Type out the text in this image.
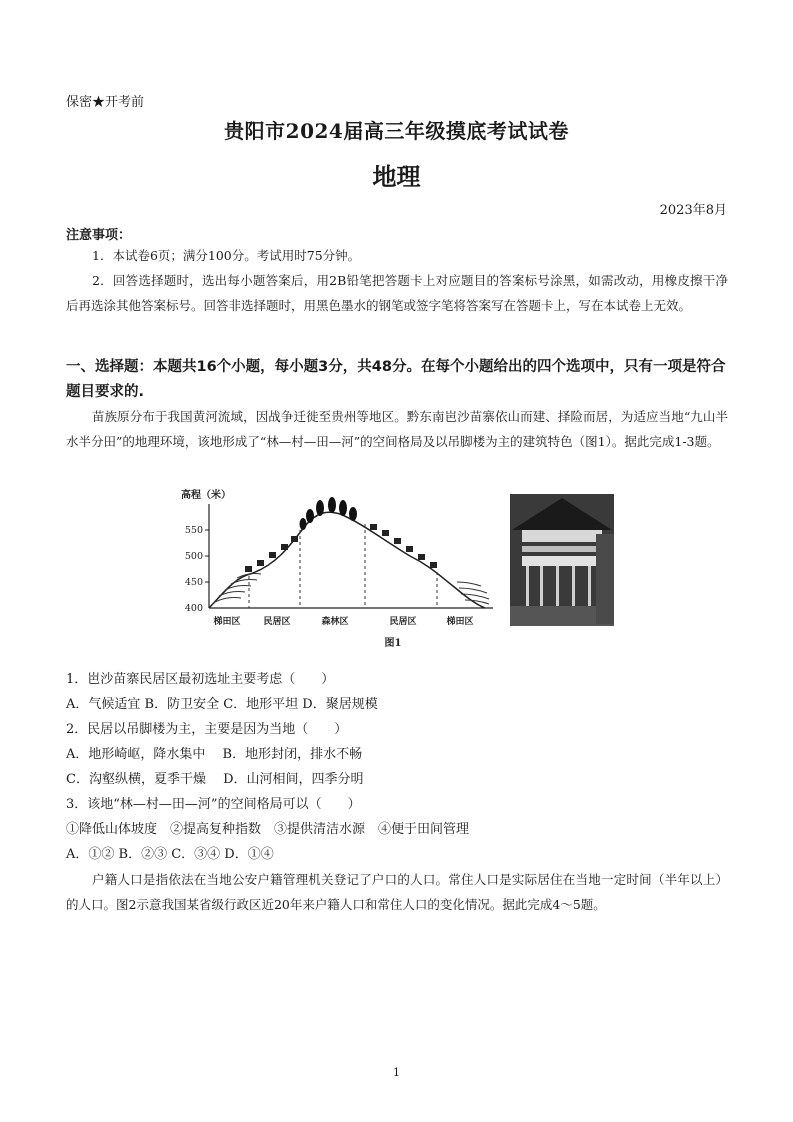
保密★开考前
贵阳市2024届高三年级摸底考试试卷
地理
2023年8月
注意事项：
1．本试卷6页；满分100分。考试用时75分钟。
2．回答选择题时，选出每小题答案后，用2B铅笔把答题卡上对应题目的答案标号涂黑，如需改动，用橡皮擦干净后再选涂其他答案标号。回答非选择题时，用黑色墨水的钢笔或签字笔将答案写在答题卡上，写在本试卷上无效。
一、选择题：本题共16个小题，每小题3分，共48分。在每个小题给出的四个选项中，只有一项是符合题目要求的.
苗族原分布于我国黄河流域，因战争迁徙至贵州等地区。黔东南岜沙苗寨依山而建、择险而居，为适应当地“九山半水半分田”的地理环境，该地形成了“林—村—田—河”的空间格局及以吊脚楼为主的建筑特色（图1）。据此完成1-3题。
高程（米）
550
500
450
400
梯田区	民居区	森林区	民居区	梯田区
图1
1．岜沙苗寨民居区最初选址主要考虑（　　）
A．气候适宜 B．防卫安全 C．地形平坦 D．聚居规模
2．民居以吊脚楼为主，主要是因为当地（　　）
A．地形崎岖，降水集中　 B．地形封闭，排水不畅
C．沟壑纵横，夏季干燥　 D．山河相间，四季分明
3．该地“林—村—田—河”的空间格局可以（　　）
①降低山体坡度　②提高复种指数　③提供清洁水源　④便于田间管理
A．①② B．②③ C．③④ D．①④
户籍人口是指依法在当地公安户籍管理机关登记了户口的人口。常住人口是实际居住在当地一定时间（半年以上）的人口。图2示意我国某省级行政区近20年来户籍人口和常住人口的变化情况。据此完成4～5题。
1
